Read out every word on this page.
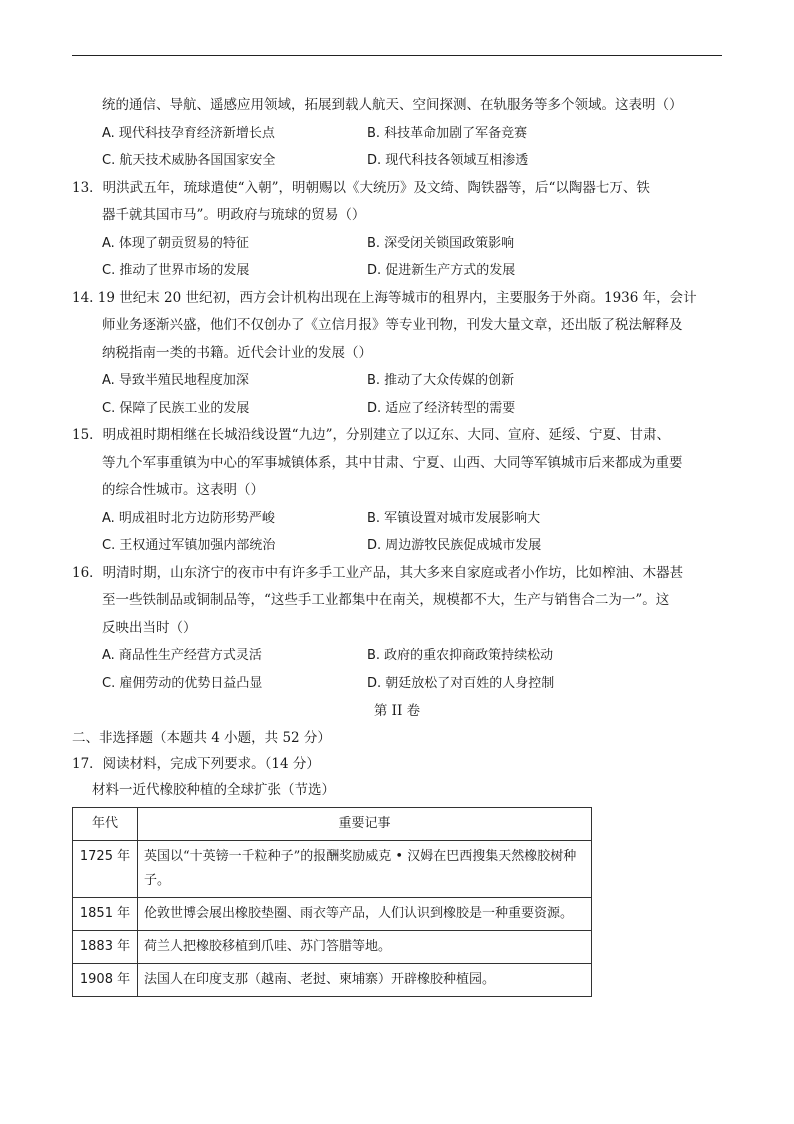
统的通信、导航、遥感应用领域，拓展到载人航天、空间探测、在轨服务等多个领域。这表明（）
A. 现代科技孕育经济新增长点	B. 科技革命加剧了军备竞赛
C. 航天技术威胁各国国家安全	D. 现代科技各领域互相渗透
13．明洪武五年，琉球遣使“入朝”，明朝赐以《大统历》及文绮、陶铁器等，后“以陶器七万、铁
器千就其国市马”。明政府与琉球的贸易（）
A. 体现了朝贡贸易的特征	B. 深受闭关锁国政策影响
C. 推动了世界市场的发展	D. 促进新生产方式的发展
14. 19 世纪末 20 世纪初，西方会计机构出现在上海等城市的租界内，主要服务于外商。1936 年，会计
师业务逐渐兴盛，他们不仅创办了《立信月报》等专业刊物，刊发大量文章，还出版了税法解释及
纳税指南一类的书籍。近代会计业的发展（）
A. 导致半殖民地程度加深	B. 推动了大众传媒的创新
C. 保障了民族工业的发展	D. 适应了经济转型的需要
15．明成祖时期相继在长城沿线设置“九边”，分别建立了以辽东、大同、宣府、延绥、宁夏、甘肃、
等九个军事重镇为中心的军事城镇体系，其中甘肃、宁夏、山西、大同等军镇城市后来都成为重要
的综合性城市。这表明（）
A. 明成祖时北方边防形势严峻	B. 军镇设置对城市发展影响大
C. 王权通过军镇加强内部统治	D. 周边游牧民族促成城市发展
16．明清时期，山东济宁的夜市中有许多手工业产品，其大多来自家庭或者小作坊，比如榨油、木器甚
至一些铁制品或铜制品等，“这些手工业都集中在南关，规模都不大，生产与销售合二为一”。这
反映出当时（）
A. 商品性生产经营方式灵活	B. 政府的重农抑商政策持续松动
C. 雇佣劳动的优势日益凸显	D. 朝廷放松了对百姓的人身控制
第 II 卷
二、非选择题（本题共 4 小题，共 52 分）
17．阅读材料，完成下列要求。（14 分）
材料一近代橡胶种植的全球扩张（节选）
年代	重要记事
1725 年	英国以“十英镑一千粒种子”的报酬奖励威克 • 汉姆在巴西搜集天然橡胶树种子。
1851 年	伦敦世博会展出橡胶垫圈、雨衣等产品，人们认识到橡胶是一种重要资源。
1883 年	荷兰人把橡胶移植到爪哇、苏门答腊等地。
1908 年	法国人在印度支那（越南、老挝、柬埔寨）开辟橡胶种植园。
